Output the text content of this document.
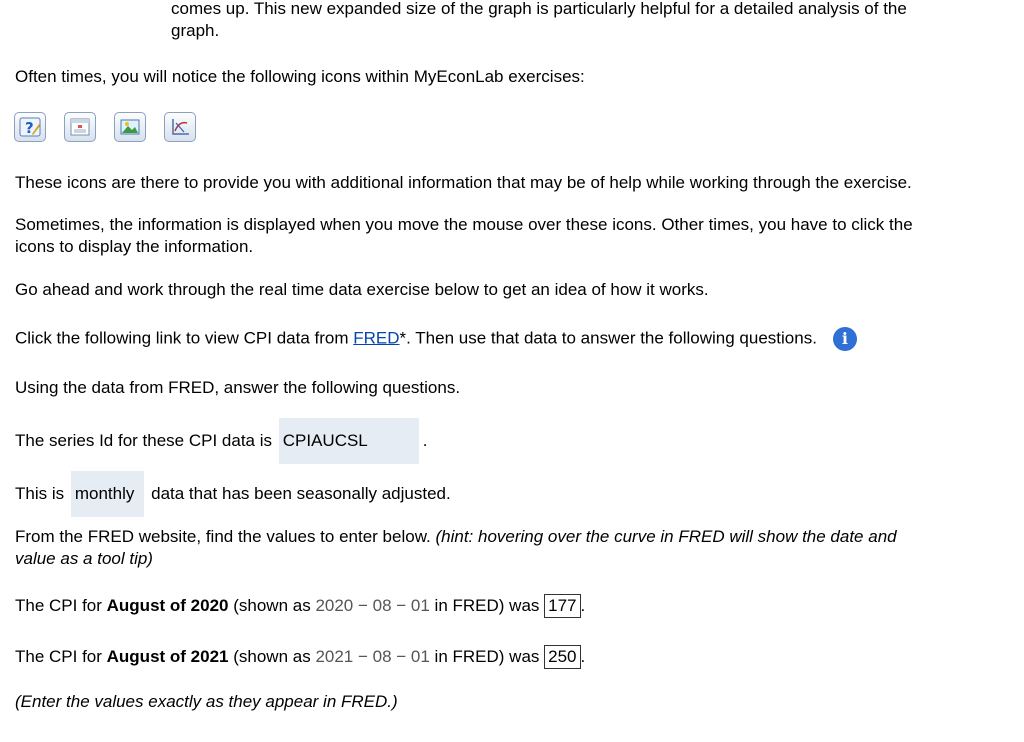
comes up. This new expanded size of the graph is particularly helpful for a detailed analysis of the
graph.
Often times, you will notice the following icons within MyEconLab exercises:
?
These icons are there to provide you with additional information that may be of help while working through the exercise.
Sometimes, the information is displayed when you move the mouse over these icons. Other times, you have to click the
icons to display the information.
Go ahead and work through the real time data exercise below to get an idea of how it works.
Click the following link to view CPI data from FRED*. Then use that data to answer the following questions. i
Using the data from FRED, answer the following questions.
The series Id for these CPI data is CPIAUCSL	.
This is monthly data that has been seasonally adjusted.
From the FRED website, find the values to enter below. (hint: hovering over the curve in FRED will show the date and
value as a tool tip)
The CPI for August of 2020 (shown as 2020 − 08 − 01 in FRED) was 177 .
The CPI for August of 2021 (shown as 2021 − 08 − 01 in FRED) was 250 .
(Enter the values exactly as they appear in FRED.)
